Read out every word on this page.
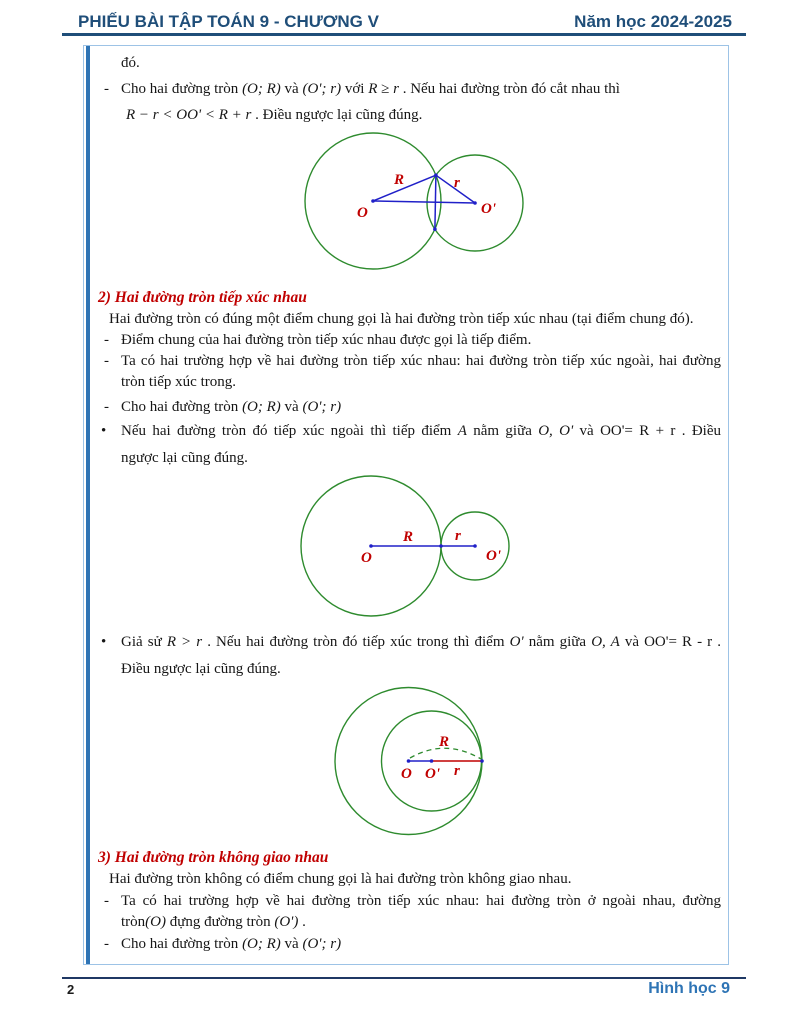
PHIẾU BÀI TẬP TOÁN 9 - CHƯƠNG V	Năm học 2024-2025
đó.
- Cho hai đường tròn (O; R) và (O'; r) với R ≥ r . Nếu hai đường tròn đó cắt nhau thì
R − r < OO' < R + r . Điều ngược lại cũng đúng.
R	r
O	O'
2) Hai đường tròn tiếp xúc nhau
Hai đường tròn có đúng một điểm chung gọi là hai đường tròn tiếp xúc nhau (tại điểm chung đó).
- Điểm chung của hai đường tròn tiếp xúc nhau được gọi là tiếp điểm.
- Ta có hai trường hợp về hai đường tròn tiếp xúc nhau: hai đường tròn tiếp xúc ngoài, hai đường
tròn tiếp xúc trong.
- Cho hai đường tròn (O; R) và (O'; r)
• Nếu hai đường tròn đó tiếp xúc ngoài thì tiếp điểm A nằm giữa O, O' và OO'= R + r . Điều
ngược lại cũng đúng.
R	r
O	O'
• Giả sử R > r . Nếu hai đường tròn đó tiếp xúc trong thì điểm O' nằm giữa O, A và OO'= R - r .
Điều ngược lại cũng đúng.
R
O O' r
3) Hai đường tròn không giao nhau
Hai đường tròn không có điểm chung gọi là hai đường tròn không giao nhau.
- Ta có hai trường hợp về hai đường tròn tiếp xúc nhau: hai đường tròn ở ngoài nhau, đường
tròn(O) đựng đường tròn (O') .
- Cho hai đường tròn (O; R) và (O'; r)
2	Hình học 9
